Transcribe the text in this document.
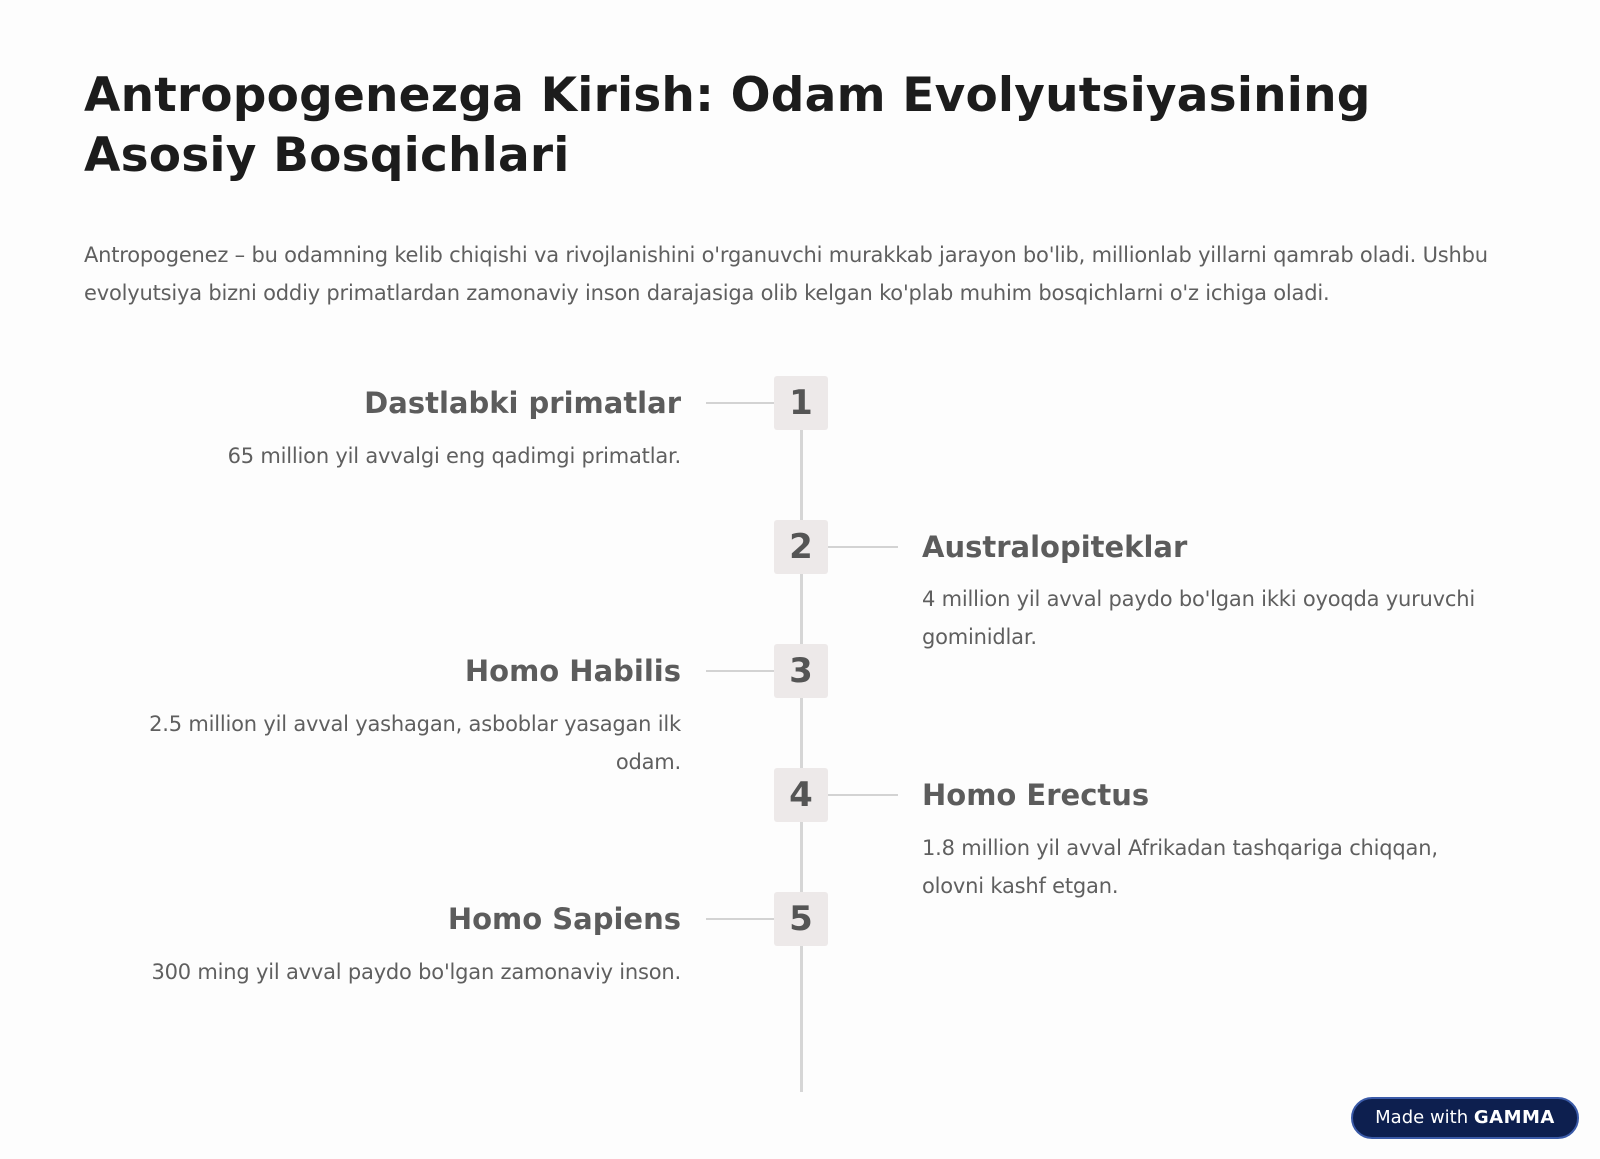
Antropogenezga Kirish: Odam Evolyutsiyasining Asosiy Bosqichlari

Antropogenez – bu odamning kelib chiqishi va rivojlanishini o'rganuvchi murakkab jarayon bo'lib, millionlab yillarni qamrab oladi. Ushbu evolyutsiya bizni oddiy primatlardan zamonaviy inson darajasiga olib kelgan ko'plab muhim bosqichlarni o'z ichiga oladi.

1
Dastlabki primatlar

65 million yil avvalgi eng qadimgi primatlar.

2	Australopiteklar

4 million yil avval paydo bo'lgan ikki oyoqda yuruvchi gominidlar.

3
Homo Habilis

2.5 million yil avval yashagan, asboblar yasagan ilk odam.

4	Homo Erectus

1.8 million yil avval Afrikadan tashqariga chiqqan, olovni kashf etgan.

5
Homo Sapiens

300 ming yil avval paydo bo'lgan zamonaviy inson.

Made with GAMMA
